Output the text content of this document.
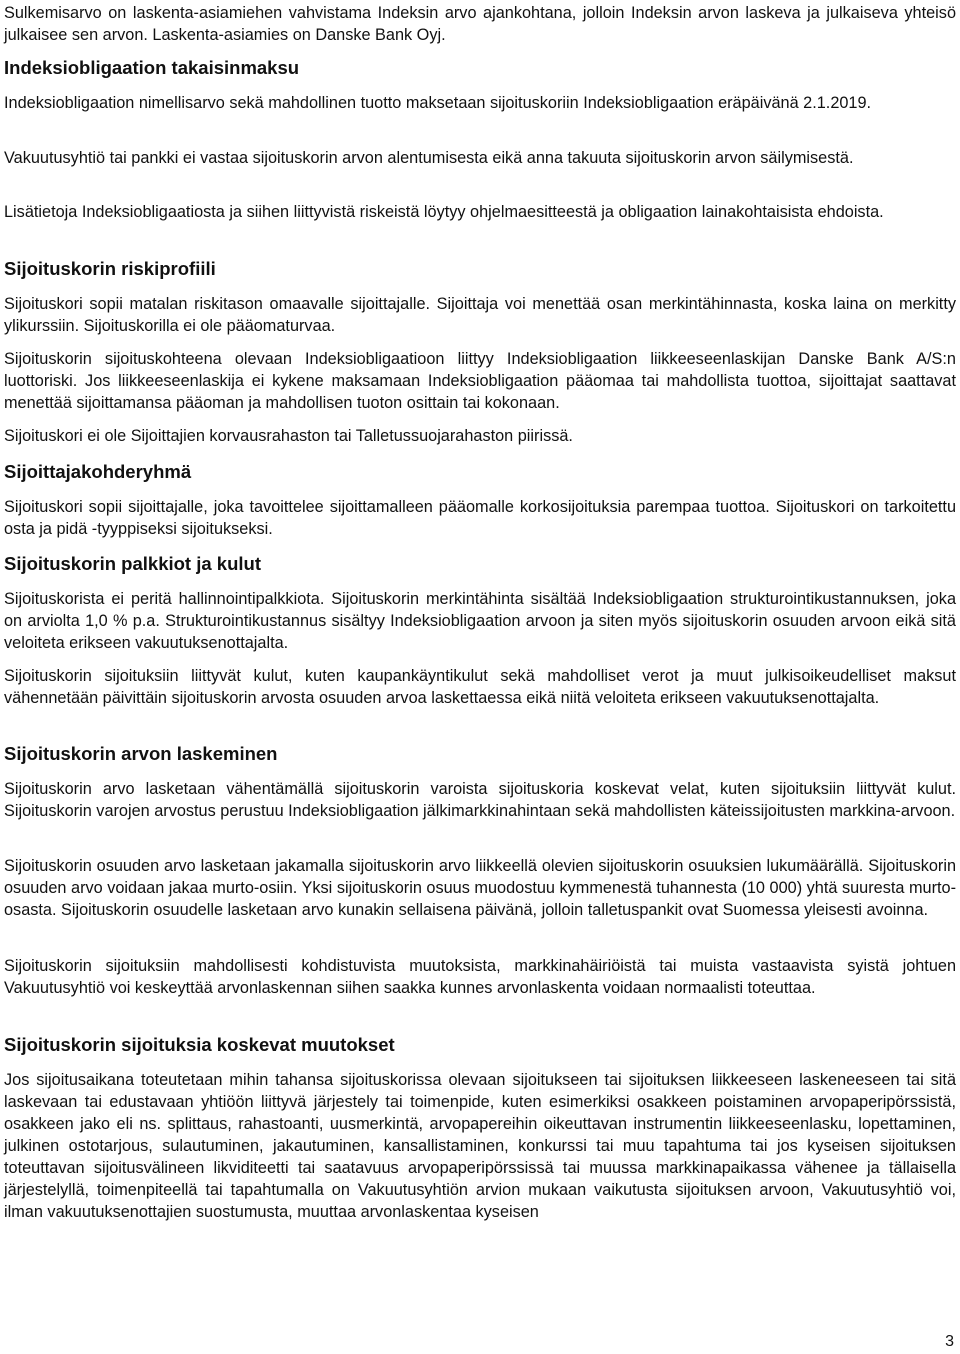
Sulkemisarvo on laskenta-asiamiehen vahvistama Indeksin arvo ajankohtana, jolloin Indeksin arvon laskeva ja julkaiseva yhteisö julkaisee sen arvon. Laskenta-asiamies on Danske Bank Oyj.

Indeksiobligaation takaisinmaksu

Indeksiobligaation nimellisarvo sekä mahdollinen tuotto maksetaan sijoituskoriin Indeksiobligaation eräpäivänä 2.1.2019.

Vakuutusyhtiö tai pankki ei vastaa sijoituskorin arvon alentumisesta eikä anna takuuta sijoituskorin arvon säilymisestä.

Lisätietoja Indeksiobligaatiosta ja siihen liittyvistä riskeistä löytyy ohjelmaesitteestä ja obligaation lainakohtaisista ehdoista.

Sijoituskorin riskiprofiili

Sijoituskori sopii matalan riskitason omaavalle sijoittajalle. Sijoittaja voi menettää osan merkintähinnasta, koska laina on merkitty ylikurssiin. Sijoituskorilla ei ole pääomaturvaa.

Sijoituskorin sijoituskohteena olevaan Indeksiobligaatioon liittyy Indeksiobligaation liikkeeseenlaskijan Danske Bank A/S:n luottoriski. Jos liikkeeseenlaskija ei kykene maksamaan Indeksiobligaation pääomaa tai mahdollista tuottoa, sijoittajat saattavat menettää sijoittamansa pääoman ja mahdollisen tuoton osittain tai kokonaan.

Sijoituskori ei ole Sijoittajien korvausrahaston tai Talletussuojarahaston piirissä.

Sijoittajakohderyhmä

Sijoituskori sopii sijoittajalle, joka tavoittelee sijoittamalleen pääomalle korkosijoituksia parempaa tuottoa. Sijoituskori on tarkoitettu osta ja pidä -tyyppiseksi sijoitukseksi.

Sijoituskorin palkkiot ja kulut

Sijoituskorista ei peritä hallinnointipalkkiota. Sijoituskorin merkintähinta sisältää Indeksiobligaation strukturointikustannuksen, joka on arviolta 1,0 % p.a. Strukturointikustannus sisältyy Indeksiobligaation arvoon ja siten myös sijoituskorin osuuden arvoon eikä sitä veloiteta erikseen vakuutuksenottajalta.

Sijoituskorin sijoituksiin liittyvät kulut, kuten kaupankäyntikulut sekä mahdolliset verot ja muut julkisoikeudelliset maksut vähennetään päivittäin sijoituskorin arvosta osuuden arvoa laskettaessa eikä niitä veloiteta erikseen vakuutuksenottajalta.

Sijoituskorin arvon laskeminen

Sijoituskorin arvo lasketaan vähentämällä sijoituskorin varoista sijoituskoria koskevat velat, kuten sijoituksiin liittyvät kulut. Sijoituskorin varojen arvostus perustuu Indeksiobligaation jälkimarkkinahintaan sekä mahdollisten käteissijoitusten markkina-arvoon.

Sijoituskorin osuuden arvo lasketaan jakamalla sijoituskorin arvo liikkeellä olevien sijoituskorin osuuksien lukumäärällä. Sijoituskorin osuuden arvo voidaan jakaa murto-osiin. Yksi sijoituskorin osuus muodostuu kymmenestä tuhannesta (10 000) yhtä suuresta murto-osasta. Sijoituskorin osuudelle lasketaan arvo kunakin sellaisena päivänä, jolloin talletuspankit ovat Suomessa yleisesti avoinna.

Sijoituskorin sijoituksiin mahdollisesti kohdistuvista muutoksista, markkinahäiriöistä tai muista vastaavista syistä johtuen Vakuutusyhtiö voi keskeyttää arvonlaskennan siihen saakka kunnes arvonlaskenta voidaan normaalisti toteuttaa.

Sijoituskorin sijoituksia koskevat muutokset

Jos sijoitusaikana toteutetaan mihin tahansa sijoituskorissa olevaan sijoitukseen tai sijoituksen liikkeeseen laskeneeseen tai sitä laskevaan tai edustavaan yhtiöön liittyvä järjestely tai toimenpide, kuten esimerkiksi osakkeen poistaminen arvopaperipörssistä, osakkeen jako eli ns. splittaus, rahastoanti, uusmerkintä, arvopapereihin oikeuttavan instrumentin liikkeeseenlasku, lopettaminen, julkinen ostotarjous, sulautuminen, jakautuminen, kansallistaminen, konkurssi tai muu tapahtuma tai jos kyseisen sijoituksen toteuttavan sijoitusvälineen likviditeetti tai saatavuus arvopaperipörssissä tai muussa markkinapaikassa vähenee ja tällaisella järjestelyllä, toimenpiteellä tai tapahtumalla on Vakuutusyhtiön arvion mukaan vaikutusta sijoituksen arvoon, Vakuutusyhtiö voi, ilman vakuutuksenottajien suostumusta, muuttaa arvonlaskentaa kyseisen

3
